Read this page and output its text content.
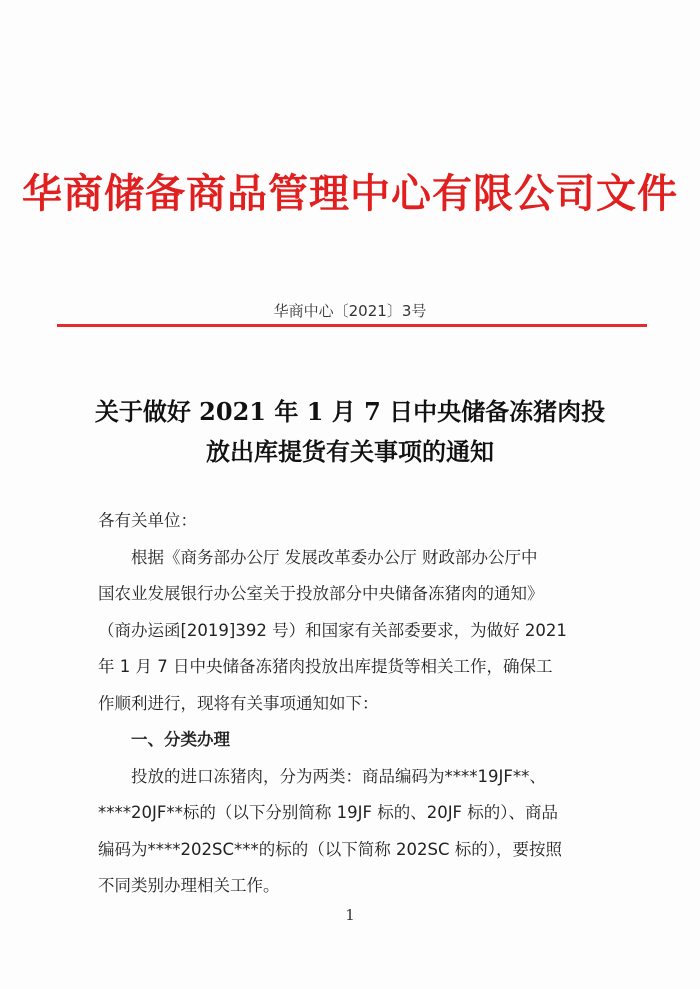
华商储备商品管理中心有限公司文件
华商中心〔2021〕3号
关于做好 2021 年 1 月 7 日中央储备冻猪肉投
放出库提货有关事项的通知
各有关单位：
根据《商务部办公厅 发展改革委办公厅 财政部办公厅中
国农业发展银行办公室关于投放部分中央储备冻猪肉的通知》
（商办运函[2019]392 号）和国家有关部委要求，为做好 2021
年 1 月 7 日中央储备冻猪肉投放出库提货等相关工作，确保工
作顺利进行，现将有关事项通知如下：
一、分类办理
投放的进口冻猪肉，分为两类：商品编码为****19JF**、
****20JF**标的（以下分别简称 19JF 标的、20JF 标的）、商品
编码为****202SC***的标的（以下简称 202SC 标的），要按照
不同类别办理相关工作。
1
